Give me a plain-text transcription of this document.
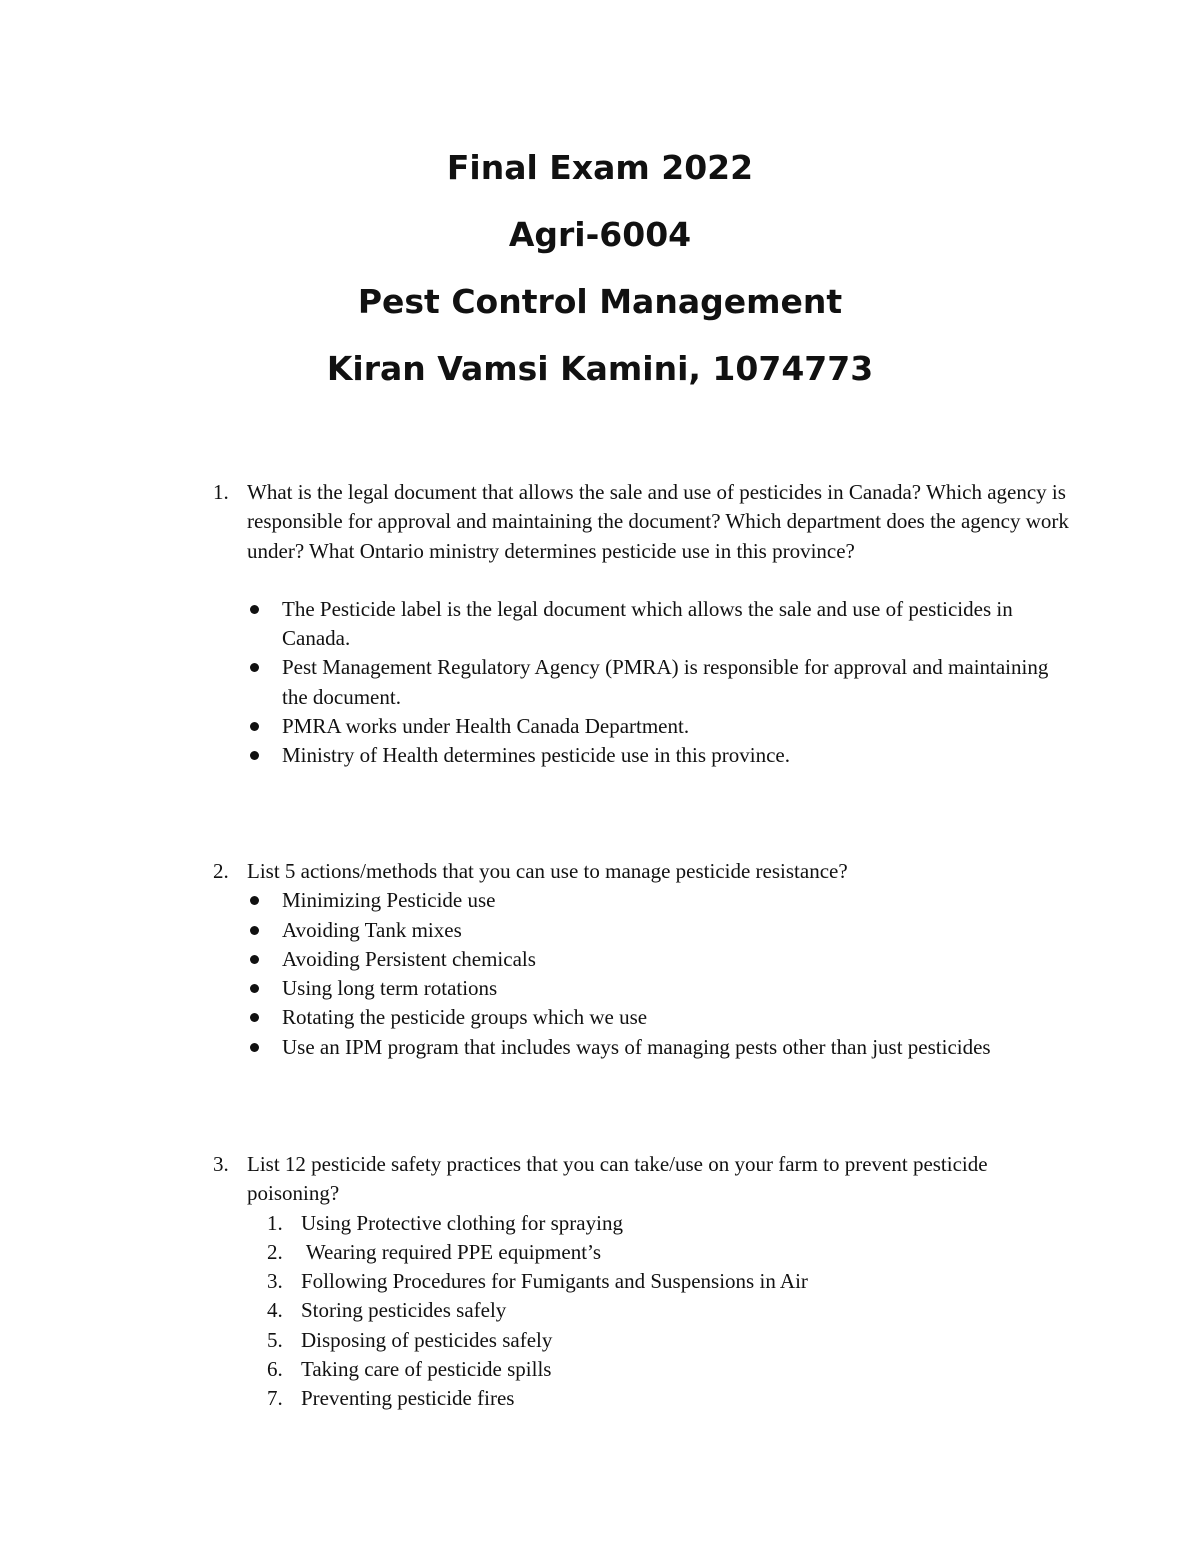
Final Exam 2022
Agri-6004
Pest Control Management
Kiran Vamsi Kamini, 1074773
1. What is the legal document that allows the sale and use of pesticides in Canada? Which agency is responsible for approval and maintaining the document? Which department does the agency work under? What Ontario ministry determines pesticide use in this province?
The Pesticide label is the legal document which allows the sale and use of pesticides in Canada.
Pest Management Regulatory Agency (PMRA) is responsible for approval and maintaining the document.
PMRA works under Health Canada Department.
Ministry of Health determines pesticide use in this province.
2. List 5 actions/methods that you can use to manage pesticide resistance?
Minimizing Pesticide use
Avoiding Tank mixes
Avoiding Persistent chemicals
Using long term rotations
Rotating the pesticide groups which we use
Use an IPM program that includes ways of managing pests other than just pesticides
3. List 12 pesticide safety practices that you can take/use on your farm to prevent pesticide poisoning?
1. Using Protective clothing for spraying
2. Wearing required PPE equipment’s
3. Following Procedures for Fumigants and Suspensions in Air
4. Storing pesticides safely
5. Disposing of pesticides safely
6. Taking care of pesticide spills
7. Preventing pesticide fires
